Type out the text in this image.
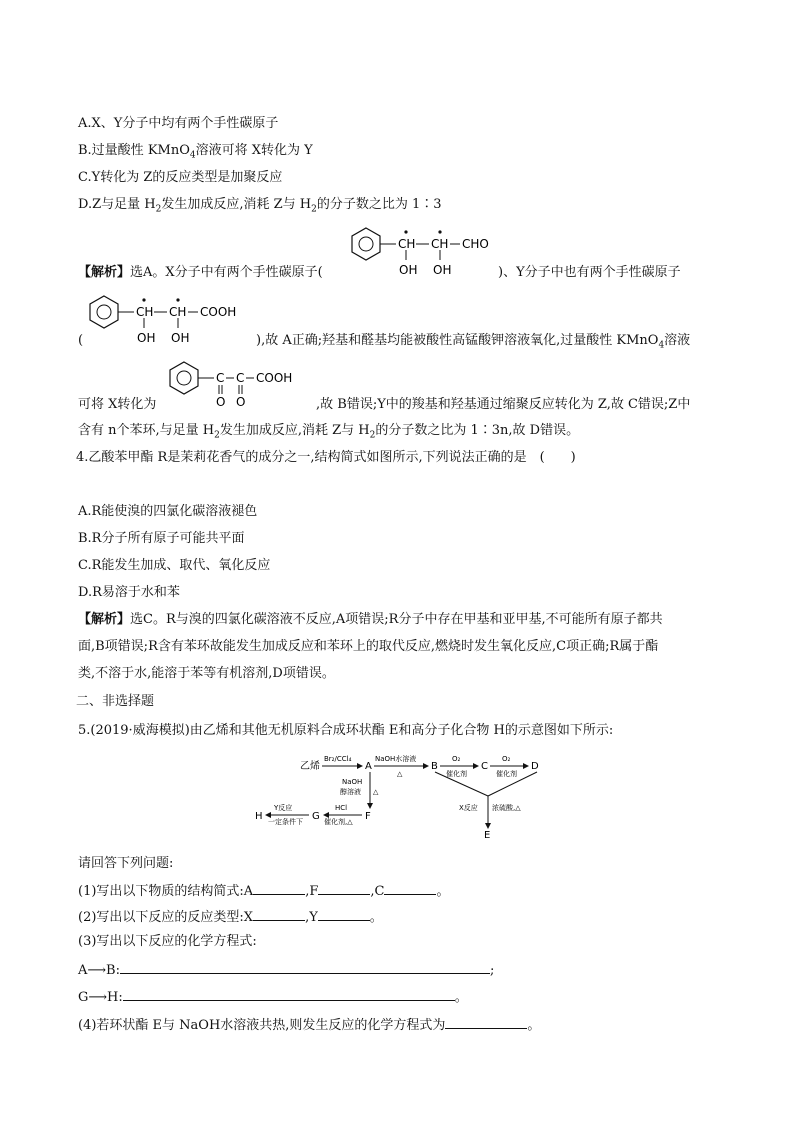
A.X、Y分子中均有两个手性碳原子
B.过量酸性 KMnO$_4$溶液可将 X转化为 Y
C.Y转化为 Z的反应类型是加聚反应
D.Z与足量 $H_2$发生加成反应,消耗 Z与 $H_2$的分子数之比为 1∶3
CH
OH
CH
OH
CHO
【解析】选A。X分子中有两个手性碳原子(	)、Y分子中也有两个手性碳原子
CH
OH
CH
OH
COOH
(	),故 A正确;羟基和醛基均能被酸性高锰酸钾溶液氧化,过量酸性 KMnO$_4$溶液
C
O
C
O
COOH
可将 X转化为	,故 B错误;Y中的羧基和羟基通过缩聚反应转化为 Z,故 C错误;Z中
含有 n个苯环,与足量 $H_2$发生加成反应,消耗 Z与 $H_2$的分子数之比为 1∶3n,故 D错误。
4.乙酸苯甲酯 R是茉莉花香气的成分之一,结构简式如图所示,下列说法正确的是　(　　)
A.R能使溴的四氯化碳溶液褪色
B.R分子所有原子可能共平面
C.R能发生加成、取代、氧化反应
D.R易溶于水和苯
【解析】选C。R与溴的四氯化碳溶液不反应,A项错误;R分子中存在甲基和亚甲基,不可能所有原子都共
面,B项错误;R含有苯环故能发生加成反应和苯环上的取代反应,燃烧时发生氧化反应,C项正确;R属于酯
类,不溶于水,能溶于苯等有机溶剂,D项错误。
二、非选择题
5.(2019·威海模拟)由乙烯和其他无机原料合成环状酯 E和高分子化合物 H的示意图如下所示:
乙烯
Br₂/CCl₄
A
NaOH水溶液
△
B
O₂
催化剂
C
O₂
催化剂
D
NaOH
醇溶液 △
F
HCl
催化剂,△
G
Y反应
一定条件下
H
X反应 浓硫酸,△
E
请回答下列问题:
(1)写出以下物质的结构简式:A	,F	,C	。
(2)写出以下反应的反应类型:X	,Y	。
(3)写出以下反应的化学方程式:
A⟶B:	;
G⟶H:	。
(4)若环状酯 E与 NaOH水溶液共热,则发生反应的化学方程式为	。
